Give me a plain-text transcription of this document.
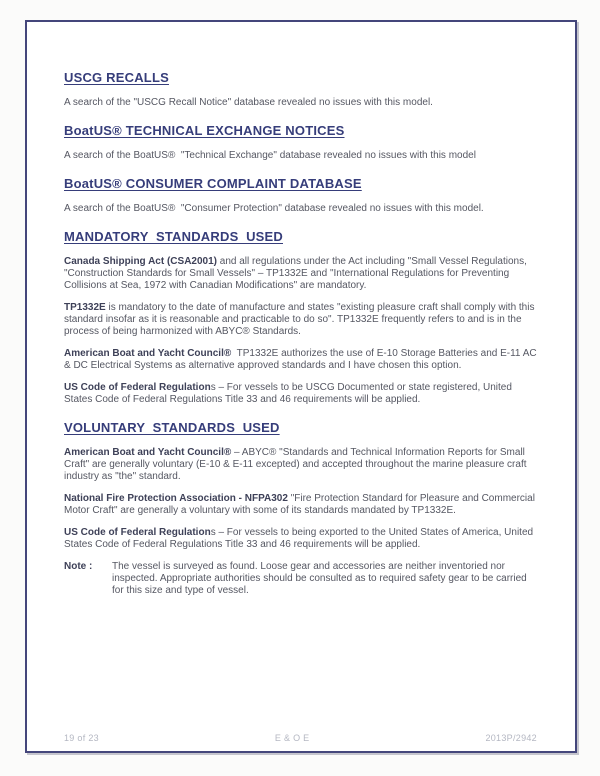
USCG RECALLS

A search of the "USCG Recall Notice" database revealed no issues with this model.

BoatUS® TECHNICAL EXCHANGE NOTICES

A search of the BoatUS®  "Technical Exchange" database revealed no issues with this model

BoatUS® CONSUMER COMPLAINT DATABASE

A search of the BoatUS®  "Consumer Protection" database revealed no issues with this model.

MANDATORY  STANDARDS  USED

Canada Shipping Act (CSA2001) and all regulations under the Act including "Small Vessel Regulations, "Construction Standards for Small Vessels" – TP1332E and "International Regulations for Preventing Collisions at Sea, 1972 with Canadian Modifications" are mandatory.

TP1332E is mandatory to the date of manufacture and states "existing pleasure craft shall comply with this standard insofar as it is reasonable and practicable to do so". TP1332E frequently refers to and is in the process of being harmonized with ABYC® Standards.

American Boat and Yacht Council®  TP1332E authorizes the use of E-10 Storage Batteries and E-11 AC & DC Electrical Systems as alternative approved standards and I have chosen this option.

US Code of Federal Regulations – For vessels to be USCG Documented or state registered, United States Code of Federal Regulations Title 33 and 46 requirements will be applied.

VOLUNTARY  STANDARDS  USED

American Boat and Yacht Council® – ABYC® "Standards and Technical Information Reports for Small Craft" are generally voluntary (E-10 & E-11 excepted) and accepted throughout the marine pleasure craft industry as "the" standard.

National Fire Protection Association - NFPA302 "Fire Protection Standard for Pleasure and Commercial Motor Craft" are generally a voluntary with some of its standards mandated by TP1332E.

US Code of Federal Regulations – For vessels to being exported to the United States of America, United States Code of Federal Regulations Title 33 and 46 requirements will be applied.

Note :	The vessel is surveyed as found. Loose gear and accessories are neither inventoried nor inspected. Appropriate authorities should be consulted as to required safety gear to be carried for this size and type of vessel.
19 of 23	E & O E	2013P/2942
